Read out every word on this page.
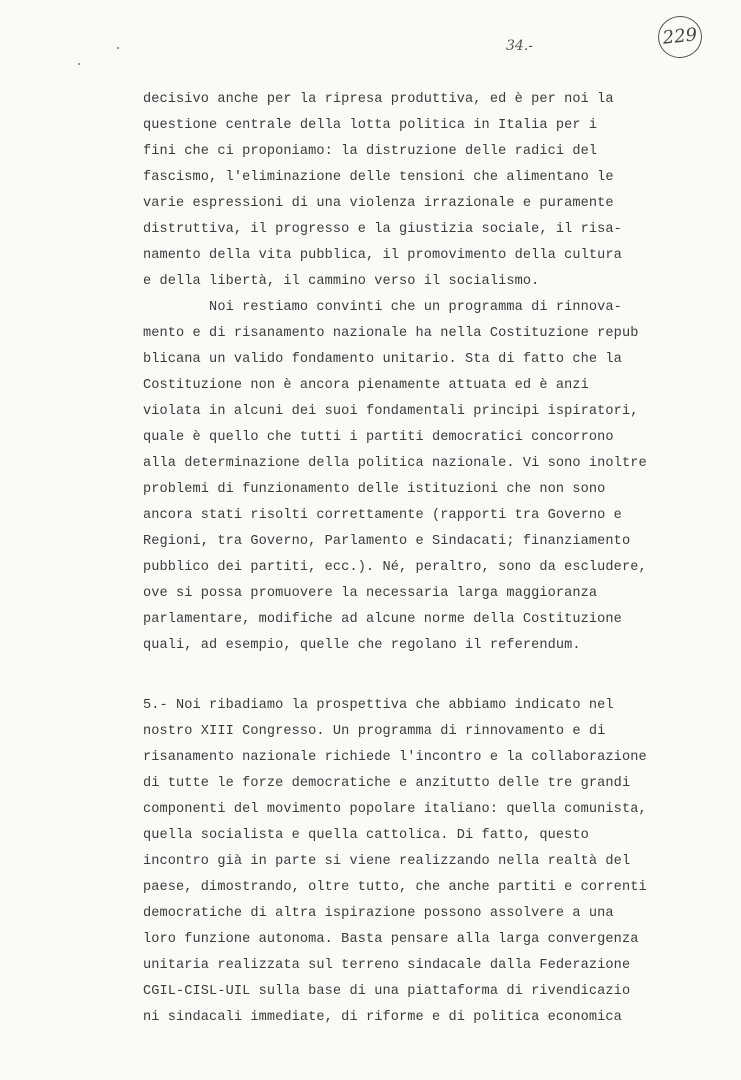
34.-	229
decisivo anche per la ripresa produttiva, ed è per noi la
questione centrale della lotta politica in Italia per i
fini che ci proponiamo: la distruzione delle radici del
fascismo, l'eliminazione delle tensioni che alimentano le
varie espressioni di una violenza irrazionale e puramente
distruttiva, il progresso e la giustizia sociale, il risa-
namento della vita pubblica, il promovimento della cultura
e della libertà, il cammino verso il socialismo.
Noi restiamo convinti che un programma di rinnova-
mento e di risanamento nazionale ha nella Costituzione repub
blicana un valido fondamento unitario. Sta di fatto che la
Costituzione non è ancora pienamente attuata ed è anzi
violata in alcuni dei suoi fondamentali principi ispiratori,
quale è quello che tutti i partiti democratici concorrono
alla determinazione della politica nazionale. Vi sono inoltre
problemi di funzionamento delle istituzioni che non sono
ancora stati risolti correttamente (rapporti tra Governo e
Regioni, tra Governo, Parlamento e Sindacati; finanziamento
pubblico dei partiti, ecc.). Né, peraltro, sono da escludere,
ove si possa promuovere la necessaria larga maggioranza
parlamentare, modifiche ad alcune norme della Costituzione
quali, ad esempio, quelle che regolano il referendum.
5.- Noi ribadiamo la prospettiva che abbiamo indicato nel
nostro XIII Congresso. Un programma di rinnovamento e di
risanamento nazionale richiede l'incontro e la collaborazione
di tutte le forze democratiche e anzitutto delle tre grandi
componenti del movimento popolare italiano: quella comunista,
quella socialista e quella cattolica. Di fatto, questo
incontro già in parte si viene realizzando nella realtà del
paese, dimostrando, oltre tutto, che anche partiti e correnti
democratiche di altra ispirazione possono assolvere a una
loro funzione autonoma. Basta pensare alla larga convergenza
unitaria realizzata sul terreno sindacale dalla Federazione
CGIL-CISL-UIL sulla base di una piattaforma di rivendicazio
ni sindacali immediate, di riforme e di politica economica
